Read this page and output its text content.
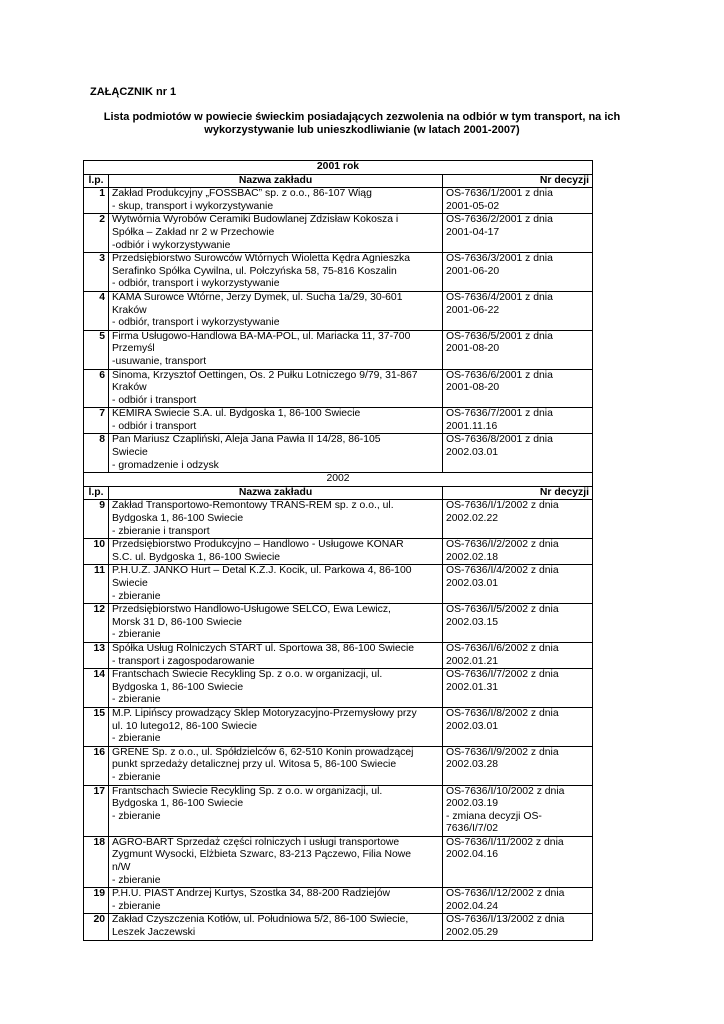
ZAŁĄCZNIK nr 1
Lista podmiotów w powiecie świeckim posiadających zezwolenia na odbiór w tym transport, na ich wykorzystywanie lub unieszkodliwianie (w latach 2001-2007)
2001 rok		
l.p.	Nazwa zakładu	Nr decyzji
1	Zakład Produkcyjny „FOSSBAC” sp. z o.o., 86-107 Wiąg
- skup, transport i wykorzystywanie	OŚ-7636/1/2001 z dnia
2001-05-02

2	Wytwórnia Wyrobów Ceramiki Budowlanej Zdzisław Kokosza i
Spółka – Zakład nr 2 w Przechowie
-odbiór i wykorzystywanie	OŚ-7636/2/2001 z dnia
2001-04-17

3	Przedsiębiorstwo Surowców Wtórnych Wioletta Kędra Agnieszka
Serafinko Spółka Cywilna, ul. Połczyńska 58, 75-816 Koszalin
- odbiór, transport i wykorzystywanie	OŚ-7636/3/2001 z dnia
2001-06-20

4	KAMA Surowce Wtórne, Jerzy Dymek, ul. Sucha 1a/29, 30-601
Kraków
- odbiór, transport i wykorzystywanie	OŚ-7636/4/2001 z dnia
2001-06-22

5	Firma Usługowo-Handlowa BA-MA-POL, ul. Mariacka 11, 37-700
Przemyśl
-usuwanie, transport	OŚ-7636/5/2001 z dnia
2001-08-20

6	Sinoma, Krzysztof Oettingen, Os. 2 Pułku Lotniczego 9/79, 31-867
Kraków
- odbiór i transport	OŚ-7636/6/2001 z dnia
2001-08-20

7	KEMIRA Świecie S.A. ul. Bydgoska 1, 86-100 Świecie
- odbiór i transport	OŚ-7636/7/2001 z dnia
2001.11.16

8	Pan Mariusz Czapliński, Aleja Jana Pawła II 14/28, 86-105
Świecie
- gromadzenie i odzysk	OŚ-7636/8/2001 z dnia
2002.03.01

2002		
l.p.	Nazwa zakładu	Nr decyzji
9	Zakład Transportowo-Remontowy TRANS-REM sp. z o.o., ul.
Bydgoska 1, 86-100 Świecie
- zbieranie i transport	OŚ-7636/I/1/2002 z dnia
2002.02.22

10	Przedsiębiorstwo Produkcyjno – Handlowo - Usługowe KONAR
S.C. ul. Bydgoska 1, 86-100 Świecie	OŚ-7636/I/2/2002 z dnia
2002.02.18

11	P.H.U.Z. JANKO Hurt – Detal K.Z.J. Kocik, ul. Parkowa 4, 86-100
Świecie
- zbieranie	OŚ-7636/I/4/2002 z dnia
2002.03.01

12	Przedsiębiorstwo Handlowo-Usługowe SELCO, Ewa Lewicz,
Morsk 31 D, 86-100 Świecie
- zbieranie	OŚ-7636/I/5/2002 z dnia
2002.03.15

13	Spółka Usług Rolniczych START ul. Sportowa 38, 86-100 Świecie
- transport i zagospodarowanie	OŚ-7636/I/6/2002 z dnia
2002.01.21

14	Frantschach Świecie Recykling Sp. z o.o. w organizacji, ul.
Bydgoska 1, 86-100 Świecie
- zbieranie	OŚ-7636/I/7/2002 z dnia
2002.01.31

15	M.P. Lipińscy prowadzący Sklep Motoryzacyjno-Przemysłowy przy
ul. 10 lutego12, 86-100 Świecie
- zbieranie	OŚ-7636/I/8/2002 z dnia
2002.03.01

16	GRENE Sp. z o.o., ul. Spółdzielców 6, 62-510 Konin prowadzącej
punkt sprzedaży detalicznej przy ul. Witosa 5, 86-100 Świecie
- zbieranie	OŚ-7636/I/9/2002 z dnia
2002.03.28

17	Frantschach Świecie Recykling Sp. z o.o. w organizacji, ul.
Bydgoska 1, 86-100 Świecie
- zbieranie	OŚ-7636/I/10/2002 z dnia
2002.03.19
- zmiana decyzji OŚ-
7636/I/7/02

18	AGRO-BART Sprzedaż części rolniczych i usługi transportowe
Zygmunt Wysocki, Elżbieta Szwarc, 83-213 Pączewo, Filia Nowe
n/W
- zbieranie	OŚ-7636/I/11/2002 z dnia
2002.04.16

19	P.H.U. PIAST Andrzej Kurtys, Szostka 34, 88-200 Radziejów
- zbieranie	OŚ-7636/I/12/2002 z dnia
2002.04.24

20	Zakład Czyszczenia Kotłów, ul. Południowa 5/2, 86-100 Świecie,
Leszek Jaczewski	OŚ-7636/I/13/2002 z dnia
2002.05.29
